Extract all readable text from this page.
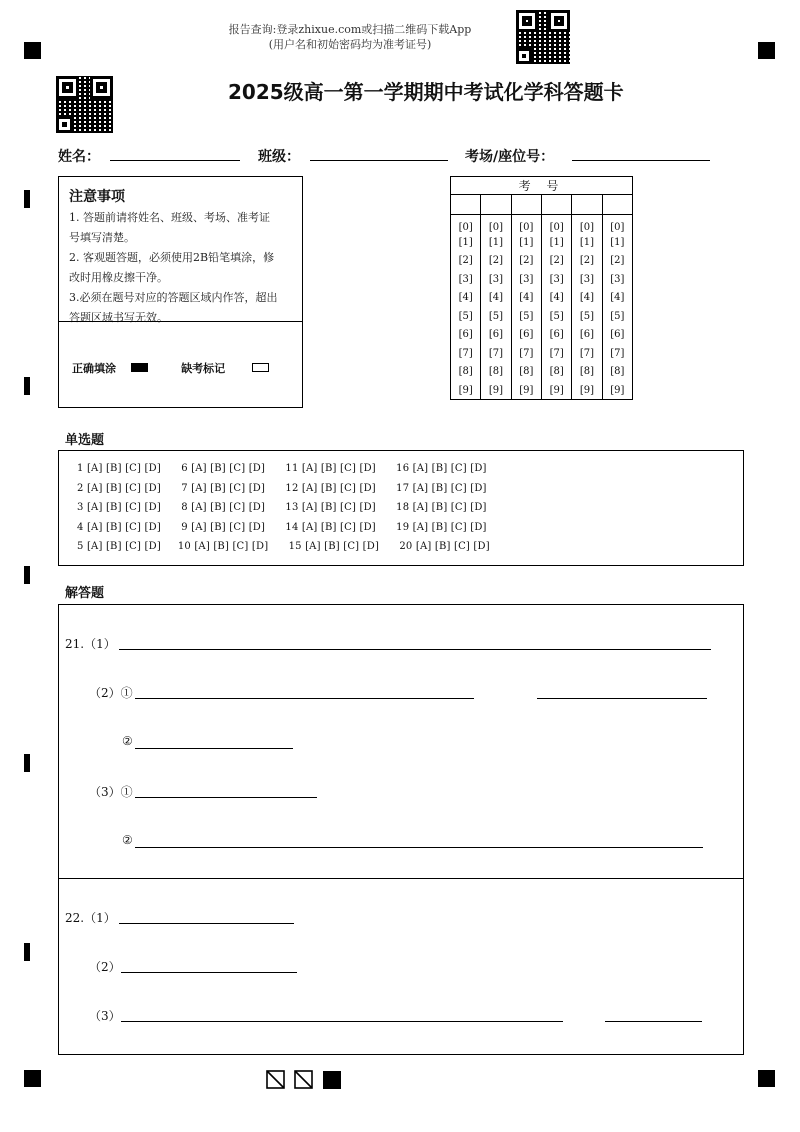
报告查询:登录zhixue.com或扫描二维码下载App
(用户名和初始密码均为准考证号)
2025级高一第一学期期中考试化学科答题卡
姓名：	班级：	考场/座位号：
注意事项
1. 答题前请将姓名、班级、考场、准考证
号填写清楚。
2. 客观题答题，必须使用2B铅笔填涂，修
改时用橡皮擦干净。
3.必须在题号对应的答题区域内作答，超出
答题区域书写无效。
正确填涂	缺考标记
考 号					

[0]	[0]	[0]	[0]	[0]	[0]
[1]	[1]	[1]	[1]	[1]	[1]
[2]	[2]	[2]	[2]	[2]	[2]
[3]	[3]	[3]	[3]	[3]	[3]
[4]	[4]	[4]	[4]	[4]	[4]
[5]	[5]	[5]	[5]	[5]	[5]
[6]	[6]	[6]	[6]	[6]	[6]
[7]	[7]	[7]	[7]	[7]	[7]
[8]	[8]	[8]	[8]	[8]	[8]
[9]	[9]	[9]	[9]	[9]	[9]
单选题
1 [A] [B] [C] [D]      6 [A] [B] [C] [D]      11 [A] [B] [C] [D]      16 [A] [B] [C] [D]
2 [A] [B] [C] [D]      7 [A] [B] [C] [D]      12 [A] [B] [C] [D]      17 [A] [B] [C] [D]
3 [A] [B] [C] [D]      8 [A] [B] [C] [D]      13 [A] [B] [C] [D]      18 [A] [B] [C] [D]
4 [A] [B] [C] [D]      9 [A] [B] [C] [D]      14 [A] [B] [C] [D]      19 [A] [B] [C] [D]
5 [A] [B] [C] [D]     10 [A] [B] [C] [D]      15 [A] [B] [C] [D]      20 [A] [B] [C] [D]
解答题
21.（1）
（2）①
②
（3）①
②
22.（1）
（2）
（3）
